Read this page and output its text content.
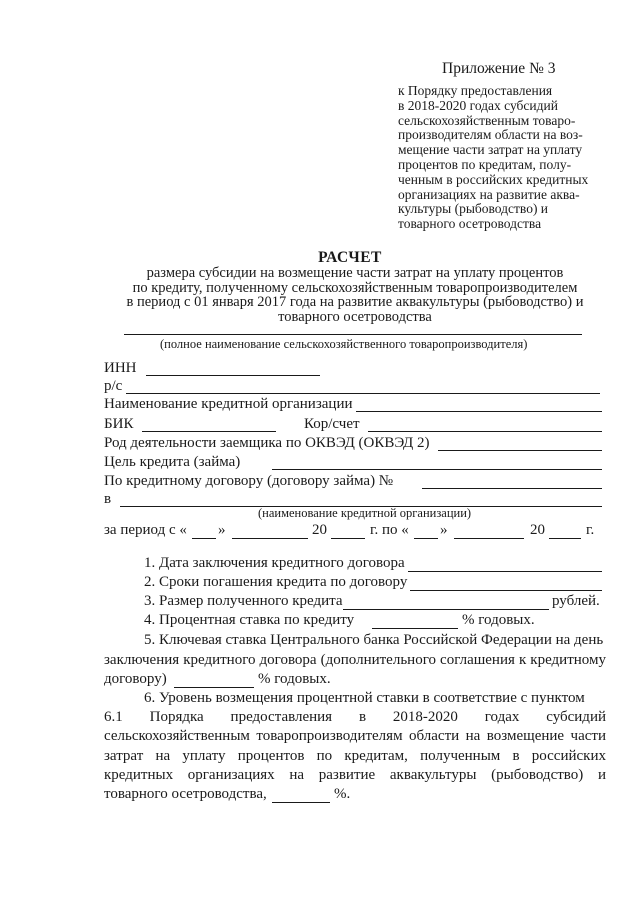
Приложение № 3
к Порядку предоставления
в 2018-2020 годах субсидий
сельскохозяйственным товаро-
производителям области на воз-
мещение части затрат на уплату
процентов по кредитам, полу-
ченным в российских кредитных
организациях на развитие аква-
культуры (рыбоводство) и
товарного осетроводства
РАСЧЕТ
размера субсидии на возмещение части затрат на уплату процентов
по кредиту, полученному сельскохозяйственным товаропроизводителем
в период с 01 января 2017 года на развитие аквакультуры (рыбоводство) и
товарного осетроводства
(полное наименование сельскохозяйственного товаропроизводителя)
ИНН
р/с
Наименование кредитной организации
БИК	Кор/счет
Род деятельности заемщика по ОКВЭД (ОКВЭД 2)
Цель кредита (займа)
По кредитному договору (договору займа) №
в
(наименование кредитной организации)
за период с « »	20	г. по « »	20	г.
1. Дата заключения кредитного договора
2. Сроки погашения кредита по договору
3. Размер полученного кредита	рублей.
4. Процентная ставка по кредиту	% годовых.
5. Ключевая ставка Центрального банка Российской Федерации на день
заключения кредитного договора (дополнительного соглашения к кредитному
договору)	% годовых.
6. Уровень возмещения процентной ставки в соответствие с пунктом
6.1 Порядка предоставления в 2018-2020 годах субсидий
сельскохозяйственным товаропроизводителям области на возмещение части
затрат на уплату процентов по кредитам, полученным в российских
кредитных организациях на развитие аквакультуры (рыбоводство) и
товарного осетроводства,	%.
